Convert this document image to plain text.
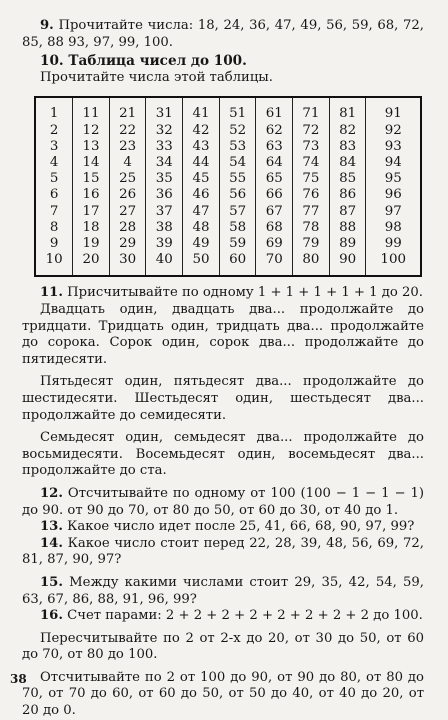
9. Прочитайте числа: 18, 24, 36, 47, 49, 56, 59, 68, 72, 85, 88 93, 97, 99, 100.

10. Таблица чисел до 100.

Прочитайте числа этой таблицы.

1	11	21	31	41	51	61	71	81	91
2	12	22	32	42	52	62	72	82	92
3	13	23	33	43	53	63	73	83	93
4	14	4	34	44	54	64	74	84	94
5	15	25	35	45	55	65	75	85	95
6	16	26	36	46	56	66	76	86	96
7	17	27	37	47	57	67	77	87	97
8	18	28	38	48	58	68	78	88	98
9	19	29	39	49	59	69	79	89	99
10	20	30	40	50	60	70	80	90	100

11. Присчитывайте по одному 1 + 1 + 1 + 1 + 1 до 20.

Двадцать один, двадцать два... продолжайте до тридцати. Тридцать один, тридцать два... продолжайте до сорока. Сорок один, сорок два... продолжайте до пятидесяти.

Пятьдесят один, пятьдесят два... продолжайте до шестидесяти. Шестьдесят один, шестьдесят два... продолжайте до семидесяти.

Семьдесят один, семьдесят два... продолжайте до восьмидесяти. Восемьдесят один, восемьдесят два... продолжайте до ста.

12. Отсчитывайте по одному от 100 (100 − 1 − 1 − 1) до 90. от 90 до 70, от 80 до 50, от 60 до 30, от 40 до 1.

13. Какое число идет после 25, 41, 66, 68, 90, 97, 99?

14. Какое число стоит перед 22, 28, 39, 48, 56, 69, 72, 81, 87, 90, 97?

15. Между какими числами стоит 29, 35, 42, 54, 59, 63, 67, 86, 88, 91, 96, 99?

16. Счет парами: 2 + 2 + 2 + 2 + 2 + 2 + 2 + 2 до 100.

Пересчитывайте по 2 от 2-х до 20, от 30 до 50, от 60 до 70, от 80 до 100.

Отсчитывайте по 2 от 100 до 90, от 90 до 80, от 80 до 70, от 70 до 60, от 60 до 50, от 50 до 40, от 40 до 20, от 20 до 0.

38
